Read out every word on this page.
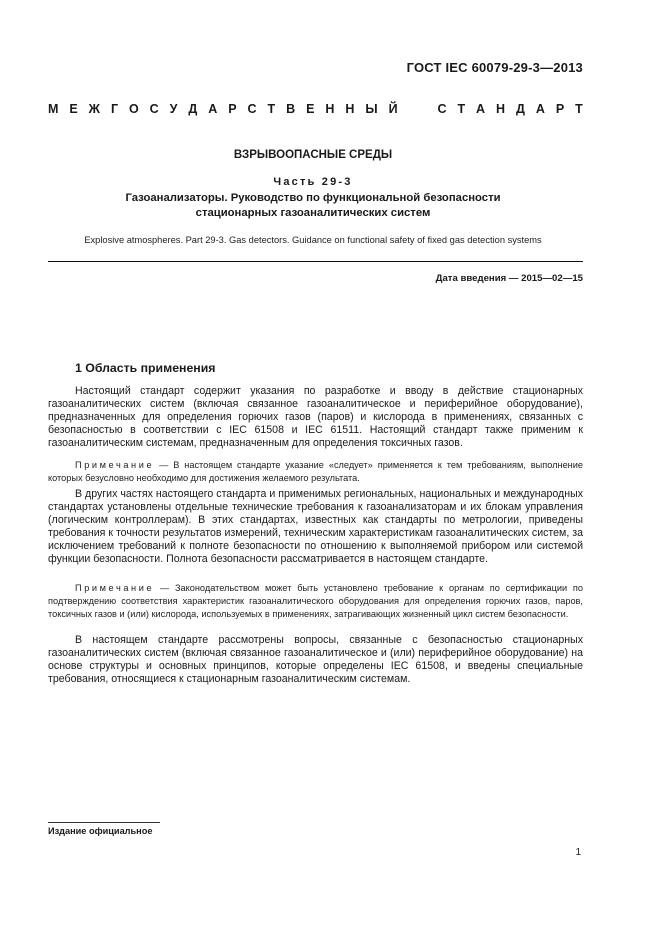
ГОСТ IEC 60079-29-3—2013
М Е Ж Г О С У Д А Р С Т В Е Н Н Ы Й	С Т А Н Д А Р Т
ВЗРЫВООПАСНЫЕ СРЕДЫ
Часть 29-3
Газоанализаторы. Руководство по функциональной безопасности
стационарных газоаналитических систем
Explosive atmospheres. Part 29-3. Gas detectors. Guidance on functional safety of fixed gas detection systems
Дата введения — 2015—02—15
1 Область применения

Настоящий стандарт содержит указания по разработке и вводу в действие стационарных газоаналитических систем (включая связанное газоаналитическое и периферийное оборудование), предназначенных для определения горючих газов (паров) и кислорода в применениях, связанных с безопасностью в соответствии с IEC 61508 и IEC 61511. Настоящий стандарт также применим к газоаналитическим системам, предназначенным для определения токсичных газов.

Примечание — В настоящем стандарте указание «следует» применяется к тем требованиям, выполнение которых безусловно необходимо для достижения желаемого результата.

В других частях настоящего стандарта и применимых региональных, национальных и международных стандартах установлены отдельные технические требования к газоанализаторам и их блокам управления (логическим контроллерам). В этих стандартах, известных как стандарты по метрологии, приведены требования к точности результатов измерений, техническим характеристикам газоаналитических систем, за исключением требований к полноте безопасности по отношению к выполняемой прибором или системой функции безопасности. Полнота безопасности рассматривается в настоящем стандарте.

Примечание — Законодательством может быть установлено требование к органам по сертификации по подтверждению соответствия характеристик газоаналитического оборудования для определения горючих газов, паров, токсичных газов и (или) кислорода, используемых в применениях, затрагивающих жизненный цикл систем безопасности.

В настоящем стандарте рассмотрены вопросы, связанные с безопасностью стационарных газоаналитических систем (включая связанное газоаналитическое и (или) периферийное оборудование) на основе структуры и основных принципов, которые определены IEC 61508, и введены специальные требования, относящиеся к стационарным газоаналитическим системам.

Издание официальное
1
